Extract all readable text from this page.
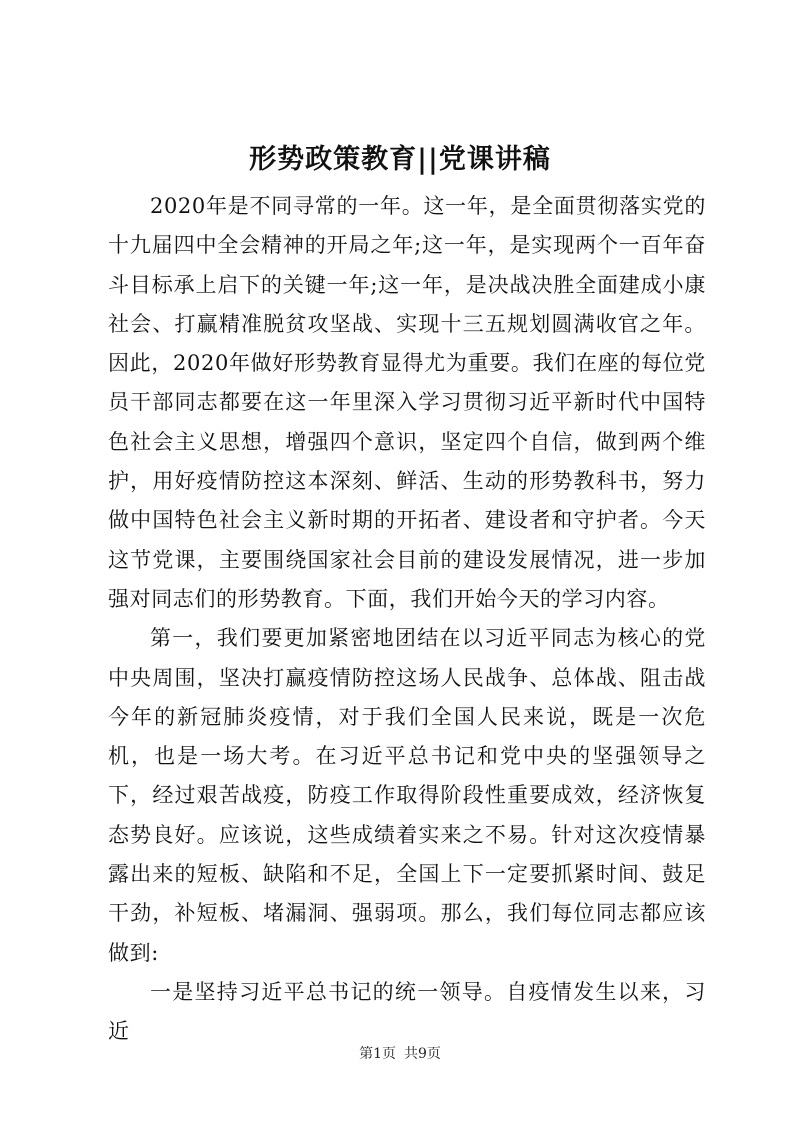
形势政策教育||党课讲稿

2020年是不同寻常的一年。这一年，是全面贯彻落实党的十九届四中全会精神的开局之年;这一年，是实现两个一百年奋斗目标承上启下的关键一年;这一年，是决战决胜全面建成小康社会、打赢精准脱贫攻坚战、实现十三五规划圆满收官之年。因此，2020年做好形势教育显得尤为重要。我们在座的每位党员干部同志都要在这一年里深入学习贯彻习近平新时代中国特色社会主义思想，增强四个意识，坚定四个自信，做到两个维护，用好疫情防控这本深刻、鲜活、生动的形势教科书，努力做中国特色社会主义新时期的开拓者、建设者和守护者。今天这节党课，主要围绕国家社会目前的建设发展情况，进一步加强对同志们的形势教育。下面，我们开始今天的学习内容。

第一，我们要更加紧密地团结在以习近平同志为核心的党中央周围，坚决打赢疫情防控这场人民战争、总体战、阻击战今年的新冠肺炎疫情，对于我们全国人民来说，既是一次危机，也是一场大考。在习近平总书记和党中央的坚强领导之下，经过艰苦战疫，防疫工作取得阶段性重要成效，经济恢复态势良好。应该说，这些成绩着实来之不易。针对这次疫情暴露出来的短板、缺陷和不足，全国上下一定要抓紧时间、鼓足干劲，补短板、堵漏洞、强弱项。那么，我们每位同志都应该做到:

一是坚持习近平总书记的统一领导。自疫情发生以来，习近

第1页 共9页
